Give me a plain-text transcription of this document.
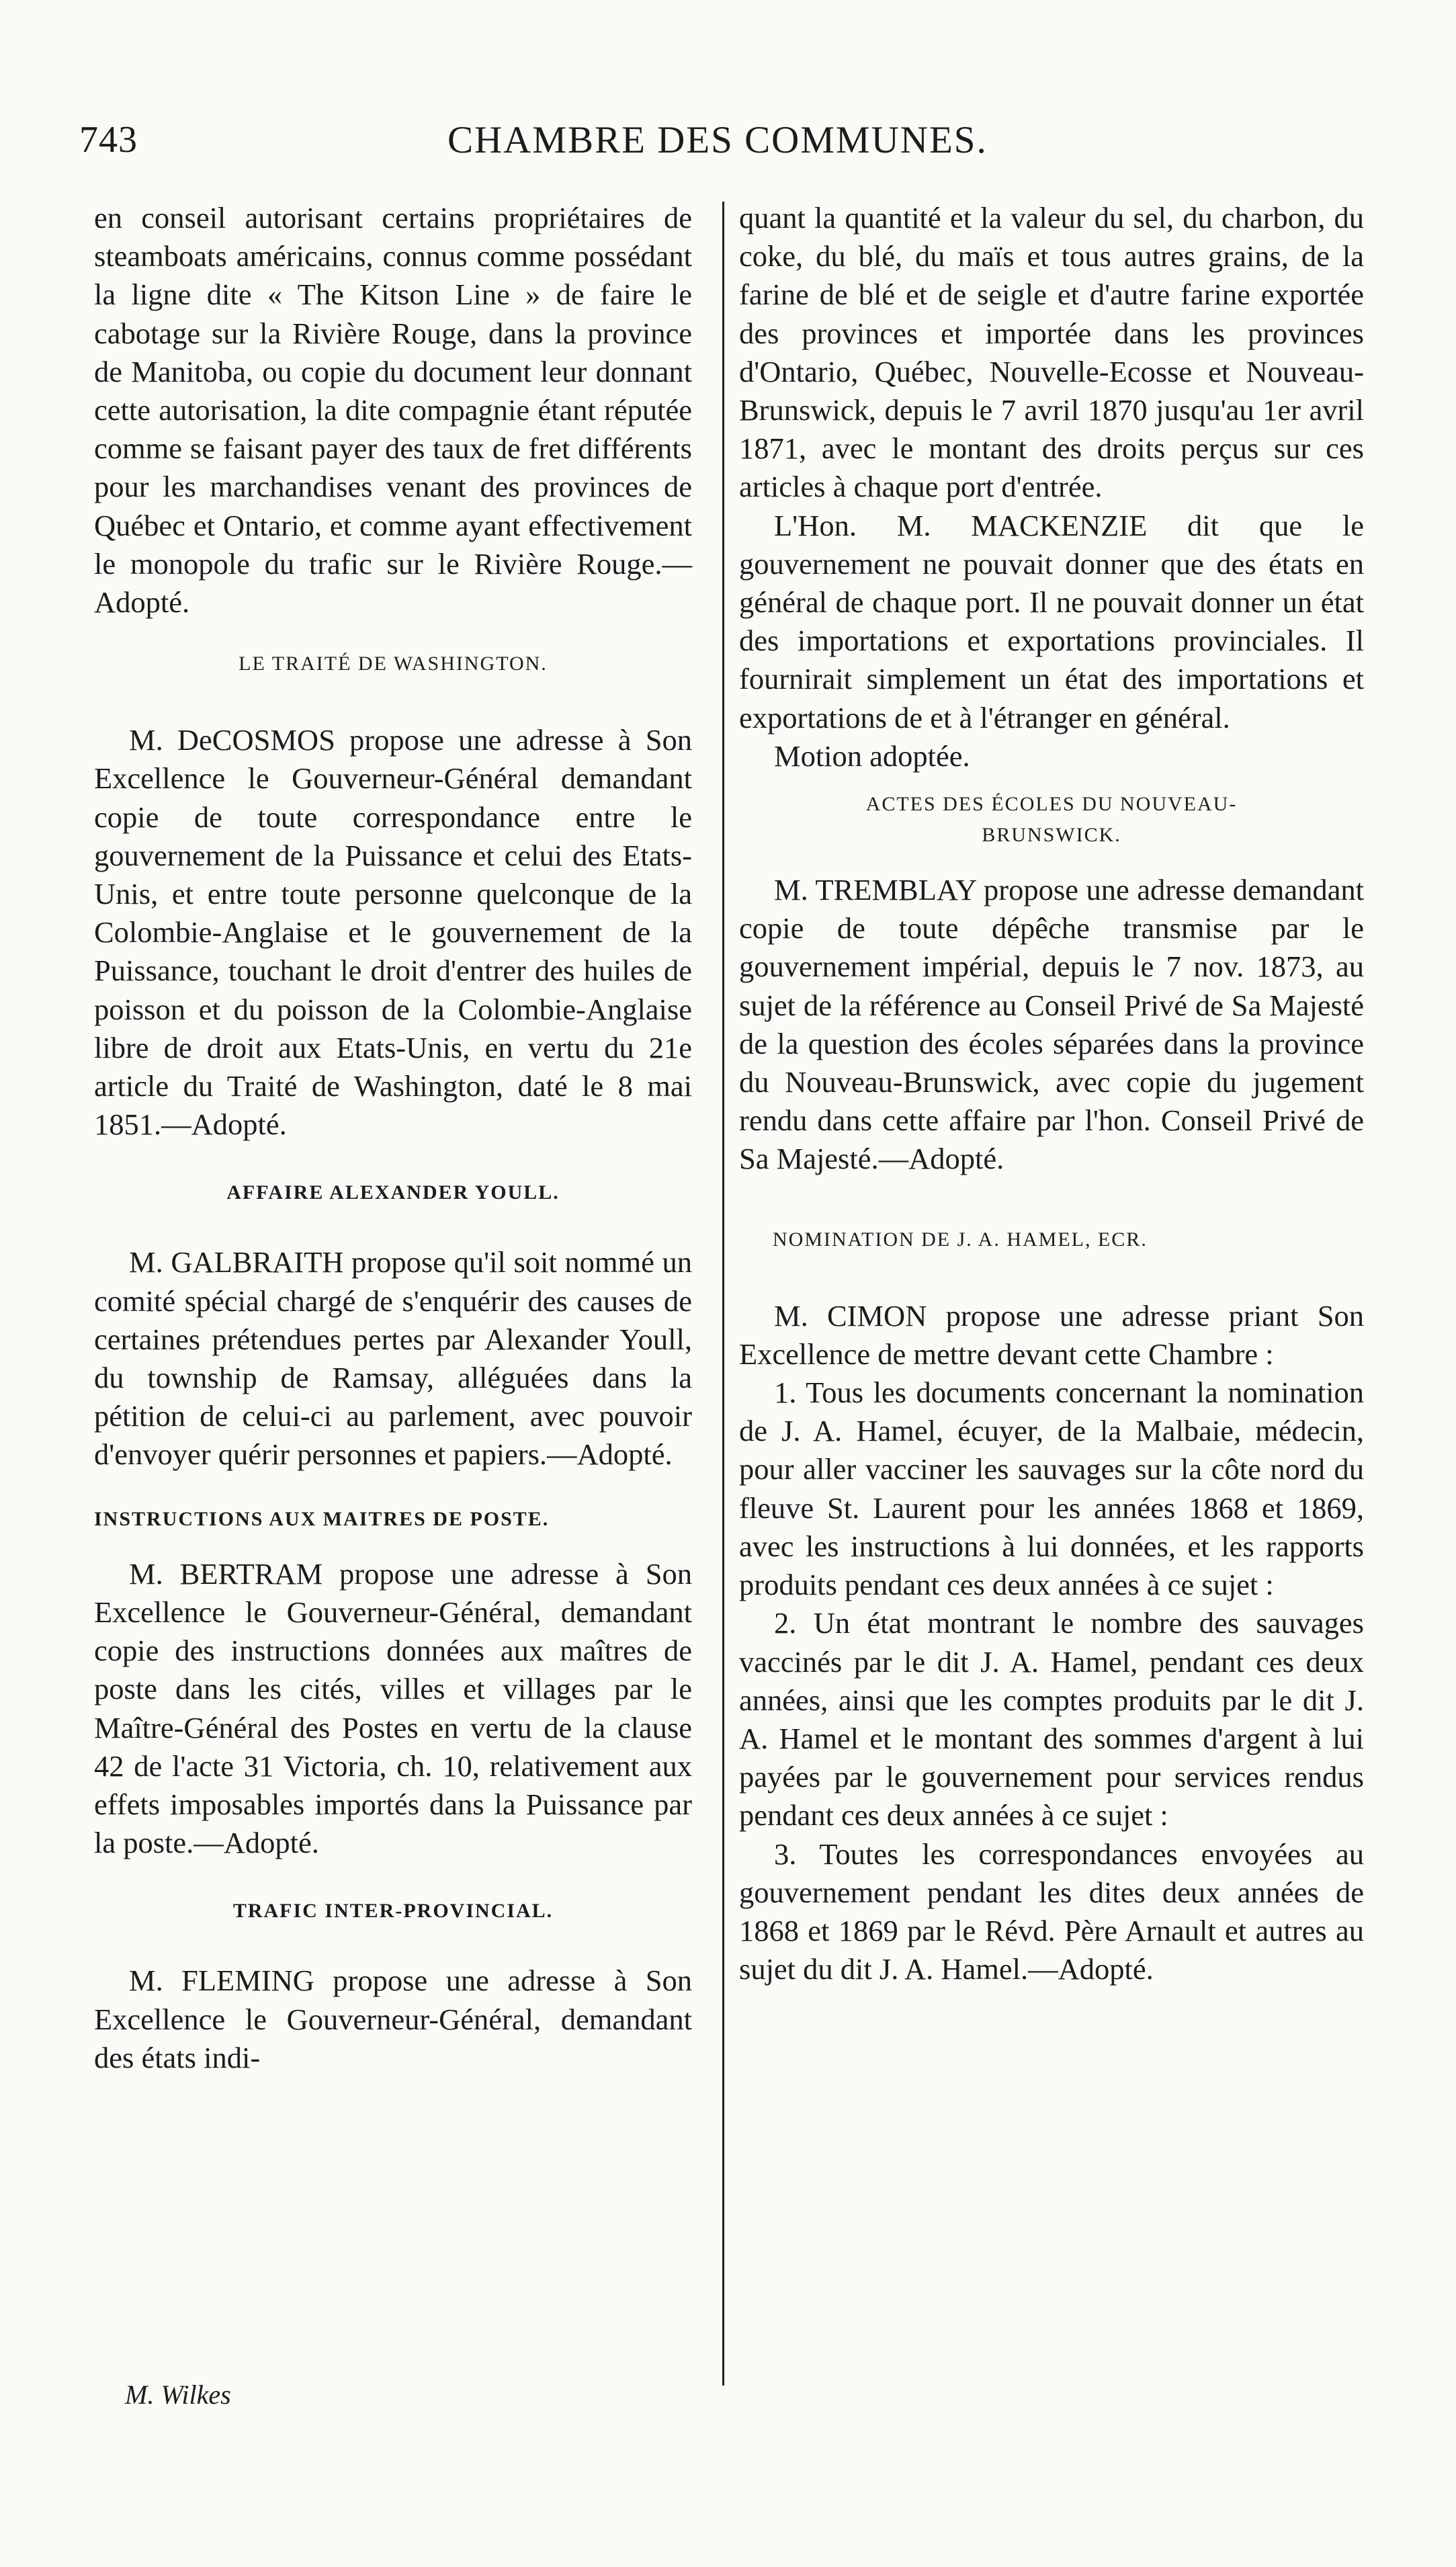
743	CHAMBRE DES COMMUNES.

en conseil autorisant certains propriétaires de steamboats américains, connus comme possédant la ligne dite « The Kitson Line » de faire le cabotage sur la Rivière Rouge, dans la province de Manitoba, ou copie du document leur donnant cette autorisation, la dite compagnie étant réputée comme se faisant payer des taux de fret différents pour les marchandises venant des provinces de Québec et Ontario, et comme ayant effectivement le monopole du trafic sur le Rivière Rouge.—Adopté.

LE TRAITÉ DE WASHINGTON.

M. DeCOSMOS propose une adresse à Son Excellence le Gouverneur-Général demandant copie de toute correspondance entre le gouvernement de la Puissance et celui des Etats-Unis, et entre toute personne quelconque de la Colombie-Anglaise et le gouvernement de la Puissance, touchant le droit d'entrer des huiles de poisson et du poisson de la Colombie-Anglaise libre de droit aux Etats-Unis, en vertu du 21e article du Traité de Washington, daté le 8 mai 1851.—Adopté.

AFFAIRE ALEXANDER YOULL.

M. GALBRAITH propose qu'il soit nommé un comité spécial chargé de s'enquérir des causes de certaines prétendues pertes par Alexander Youll, du township de Ramsay, alléguées dans la pétition de celui-ci au parlement, avec pouvoir d'envoyer quérir personnes et papiers.—Adopté.

INSTRUCTIONS AUX MAITRES DE POSTE.

M. BERTRAM propose une adresse à Son Excellence le Gouverneur-Général, demandant copie des instructions données aux maîtres de poste dans les cités, villes et villages par le Maître-Général des Postes en vertu de la clause 42 de l'acte 31 Victoria, ch. 10, relativement aux effets imposables importés dans la Puissance par la poste.—Adopté.

TRAFIC INTER-PROVINCIAL.

M. FLEMING propose une adresse à Son Excellence le Gouverneur-Général, demandant des états indi-

M. Wilkes

quant la quantité et la valeur du sel, du charbon, du coke, du blé, du maïs et tous autres grains, de la farine de blé et de seigle et d'autre farine exportée des provinces et importée dans les provinces d'Ontario, Québec, Nouvelle-Ecosse et Nouveau-Brunswick, depuis le 7 avril 1870 jusqu'au 1er avril 1871, avec le montant des droits perçus sur ces articles à chaque port d'entrée.

L'Hon. M. MACKENZIE dit que le gouvernement ne pouvait donner que des états en général de chaque port. Il ne pouvait donner un état des importations et exportations provinciales. Il fournirait simplement un état des importations et exportations de et à l'étranger en général.

Motion adoptée.

ACTES DES ÉCOLES DU NOUVEAU-
BRUNSWICK.

M. TREMBLAY propose une adresse demandant copie de toute dépêche transmise par le gouvernement impérial, depuis le 7 nov. 1873, au sujet de la référence au Conseil Privé de Sa Majesté de la question des écoles séparées dans la province du Nouveau-Brunswick, avec copie du jugement rendu dans cette affaire par l'hon. Conseil Privé de Sa Majesté.—Adopté.

NOMINATION DE J. A. HAMEL, ECR.

M. CIMON propose une adresse priant Son Excellence de mettre devant cette Chambre :

1. Tous les documents concernant la nomination de J. A. Hamel, écuyer, de la Malbaie, médecin, pour aller vacciner les sauvages sur la côte nord du fleuve St. Laurent pour les années 1868 et 1869, avec les instructions à lui données, et les rapports produits pendant ces deux années à ce sujet :

2. Un état montrant le nombre des sauvages vaccinés par le dit J. A. Hamel, pendant ces deux années, ainsi que les comptes produits par le dit J. A. Hamel et le montant des sommes d'argent à lui payées par le gouvernement pour services rendus pendant ces deux années à ce sujet :

3. Toutes les correspondances envoyées au gouvernement pendant les dites deux années de 1868 et 1869 par le Révd. Père Arnault et autres au sujet du dit J. A. Hamel.—Adopté.
